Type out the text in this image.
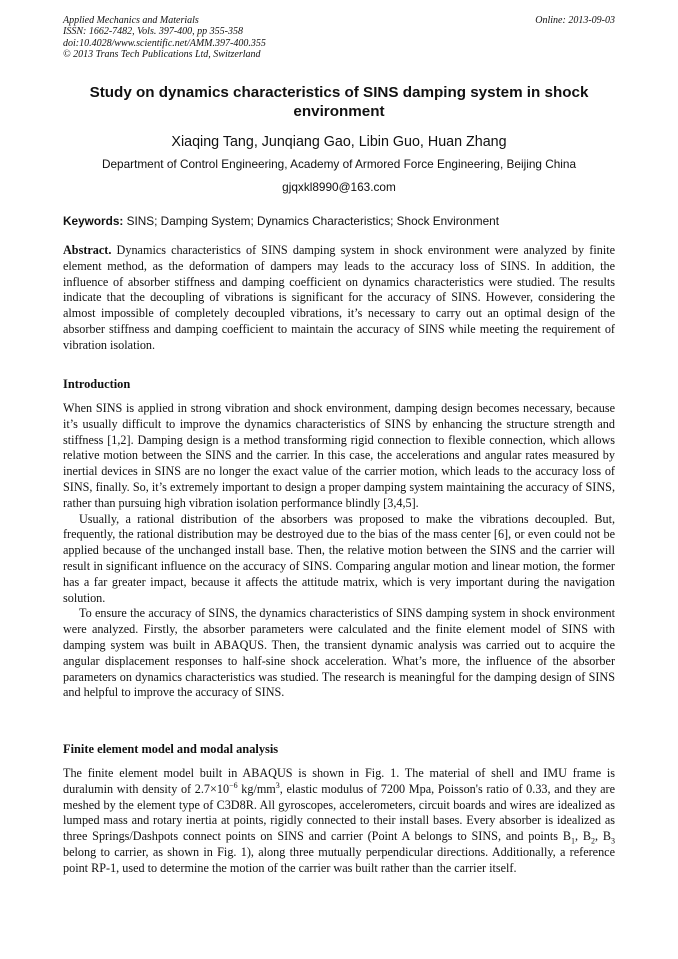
Applied Mechanics and Materials
ISSN: 1662-7482, Vols. 397-400, pp 355-358
doi:10.4028/www.scientific.net/AMM.397-400.355
© 2013 Trans Tech Publications Ltd, Switzerland
Online: 2013-09-03
Study on dynamics characteristics of SINS damping system in shock environment
Xiaqing Tang, Junqiang Gao, Libin Guo, Huan Zhang
Department of Control Engineering, Academy of Armored Force Engineering, Beijing China
gjqxkl8990@163.com
Keywords: SINS; Damping System; Dynamics Characteristics; Shock Environment

Abstract. Dynamics characteristics of SINS damping system in shock environment were analyzed by finite element method, as the deformation of dampers may leads to the accuracy loss of SINS. In addition, the influence of absorber stiffness and damping coefficient on dynamics characteristics were studied. The results indicate that the decoupling of vibrations is significant for the accuracy of SINS. However, considering the almost impossible of completely decoupled vibrations, it’s necessary to carry out an optimal design of the absorber stiffness and damping coefficient to maintain the accuracy of SINS while meeting the requirement of vibration isolation.

Introduction

When SINS is applied in strong vibration and shock environment, damping design becomes necessary, because it’s usually difficult to improve the dynamics characteristics of SINS by enhancing the structure strength and stiffness [1,2]. Damping design is a method transforming rigid connection to flexible connection, which allows relative motion between the SINS and the carrier. In this case, the accelerations and angular rates measured by inertial devices in SINS are no longer the exact value of the carrier motion, which leads to the accuracy loss of SINS, finally. So, it’s extremely important to design a proper damping system maintaining the accuracy of SINS, rather than pursuing high vibration isolation performance blindly [3,4,5].

Usually, a rational distribution of the absorbers was proposed to make the vibrations decoupled. But, frequently, the rational distribution may be destroyed due to the bias of the mass center [6], or even could not be applied because of the unchanged install base. Then, the relative motion between the SINS and the carrier will result in significant influence on the accuracy of SINS. Comparing angular motion and linear motion, the former has a far greater impact, because it affects the attitude matrix, which is very important during the navigation solution.

To ensure the accuracy of SINS, the dynamics characteristics of SINS damping system in shock environment were analyzed. Firstly, the absorber parameters were calculated and the finite element model of SINS with damping system was built in ABAQUS. Then, the transient dynamic analysis was carried out to acquire the angular displacement responses to half-sine shock acceleration. What’s more, the influence of the absorber parameters on dynamics characteristics was studied. The research is meaningful for the damping design of SINS and helpful to improve the accuracy of SINS.

Finite element model and modal analysis

The finite element model built in ABAQUS is shown in Fig. 1. The material of shell and IMU frame is duralumin with density of $2.7\times 10^{-6}$ $kg/mm^3$, elastic modulus of 7200 Mpa, Poisson's ratio of 0.33, and they are meshed by the element type of C3D8R. All gyroscopes, accelerometers, circuit boards and wires are idealized as lumped mass and rotary inertia at points, rigidly connected to their install bases. Every absorber is idealized as three Springs/Dashpots connect points on SINS and carrier (Point A belongs to SINS, and points $B_1$, $B_2$, $B_3$ belong to carrier, as shown in Fig. 1), along three mutually perpendicular directions. Additionally, a reference point RP-1, used to determine the motion of the carrier was built rather than the carrier itself.
